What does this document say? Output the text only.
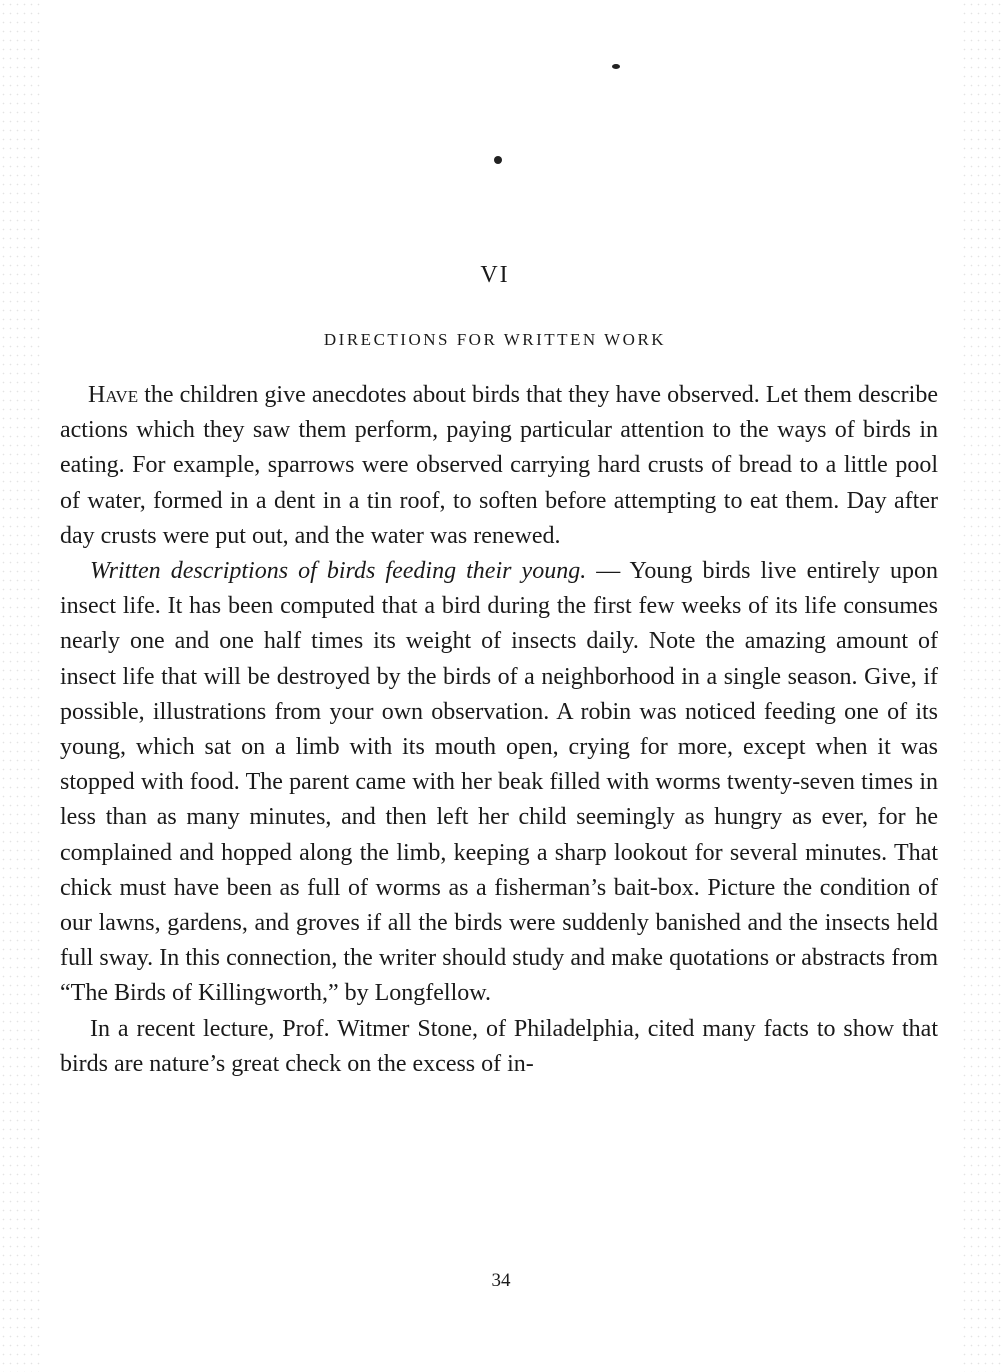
VI
DIRECTIONS FOR WRITTEN WORK

Have the children give anecdotes about birds that they have observed. Let them describe actions which they saw them perform, paying particular attention to the ways of birds in eating. For example, sparrows were observed carrying hard crusts of bread to a little pool of water, formed in a dent in a tin roof, to soften before attempting to eat them. Day after day crusts were put out, and the water was renewed.

Written descriptions of birds feeding their young. — Young birds live entirely upon insect life. It has been computed that a bird during the first few weeks of its life consumes nearly one and one half times its weight of insects daily. Note the amazing amount of insect life that will be destroyed by the birds of a neighborhood in a single season. Give, if possible, illustrations from your own observation. A robin was noticed feeding one of its young, which sat on a limb with its mouth open, crying for more, except when it was stopped with food. The parent came with her beak filled with worms twenty-seven times in less than as many minutes, and then left her child seemingly as hungry as ever, for he complained and hopped along the limb, keeping a sharp lookout for several minutes. That chick must have been as full of worms as a fisherman’s bait-box. Picture the condition of our lawns, gardens, and groves if all the birds were suddenly banished and the insects held full sway. In this connection, the writer should study and make quotations or abstracts from “The Birds of Killingworth,” by Longfellow.

In a recent lecture, Prof. Witmer Stone, of Philadelphia, cited many facts to show that birds are nature’s great check on the excess of in-

34
